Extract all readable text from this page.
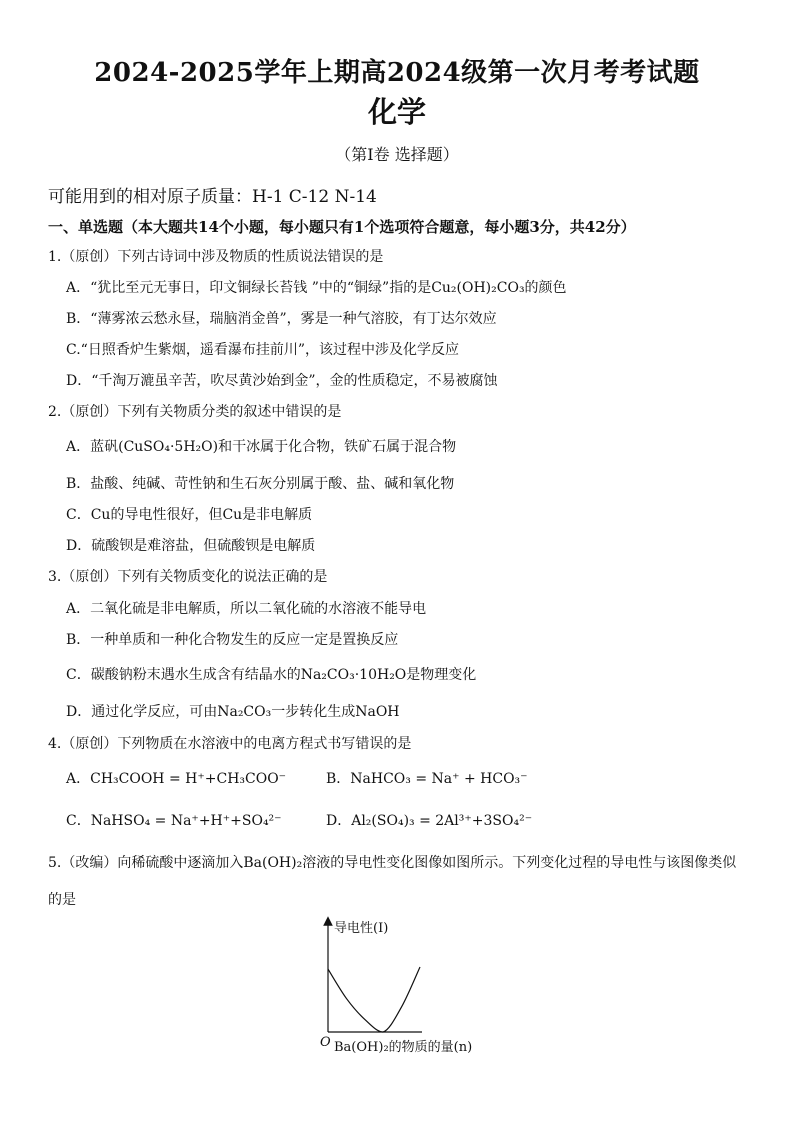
2024-2025学年上期高2024级第一次月考考试题
化学
（第Ⅰ卷 选择题）
可能用到的相对原子质量：H-1 C-12 N-14
一、单选题（本大题共14个小题，每小题只有1个选项符合题意，每小题3分，共42分）
1.（原创）下列古诗词中涉及物质的性质说法错误的是
A．“犹比至元无事日，印文铜绿长苔钱 ”中的“铜绿”指的是Cu₂(OH)₂CO₃的颜色
B．“薄雾浓云愁永昼，瑞脑消金兽”，雾是一种气溶胶，有丁达尔效应
C.“日照香炉生紫烟，遥看瀑布挂前川”，该过程中涉及化学反应
D．“千淘万漉虽辛苦，吹尽黄沙始到金”，金的性质稳定，不易被腐蚀
2.（原创）下列有关物质分类的叙述中错误的是
A．蓝矾(CuSO₄·5H₂O)和干冰属于化合物，铁矿石属于混合物
B．盐酸、纯碱、苛性钠和生石灰分别属于酸、盐、碱和氧化物
C．Cu的导电性很好，但Cu是非电解质
D．硫酸钡是难溶盐，但硫酸钡是电解质
3.（原创）下列有关物质变化的说法正确的是
A．二氧化硫是非电解质，所以二氧化硫的水溶液不能导电
B．一种单质和一种化合物发生的反应一定是置换反应
C．碳酸钠粉末遇水生成含有结晶水的Na₂CO₃·10H₂O是物理变化
D．通过化学反应，可由Na₂CO₃一步转化生成NaOH
4.（原创）下列物质在水溶液中的电离方程式书写错误的是
A．CH₃COOH = H⁺+CH₃COO⁻	B．NaHCO₃ = Na⁺ + HCO₃⁻
C．NaHSO₄ = Na⁺+H⁺+SO₄²⁻	D．Al₂(SO₄)₃ = 2Al³⁺+3SO₄²⁻
5.（改编）向稀硫酸中逐滴加入Ba(OH)₂溶液的导电性变化图像如图所示。下列变化过程的导电性与该图像类似
的是
导电性(I)
O Ba(OH)₂的物质的量(n)
